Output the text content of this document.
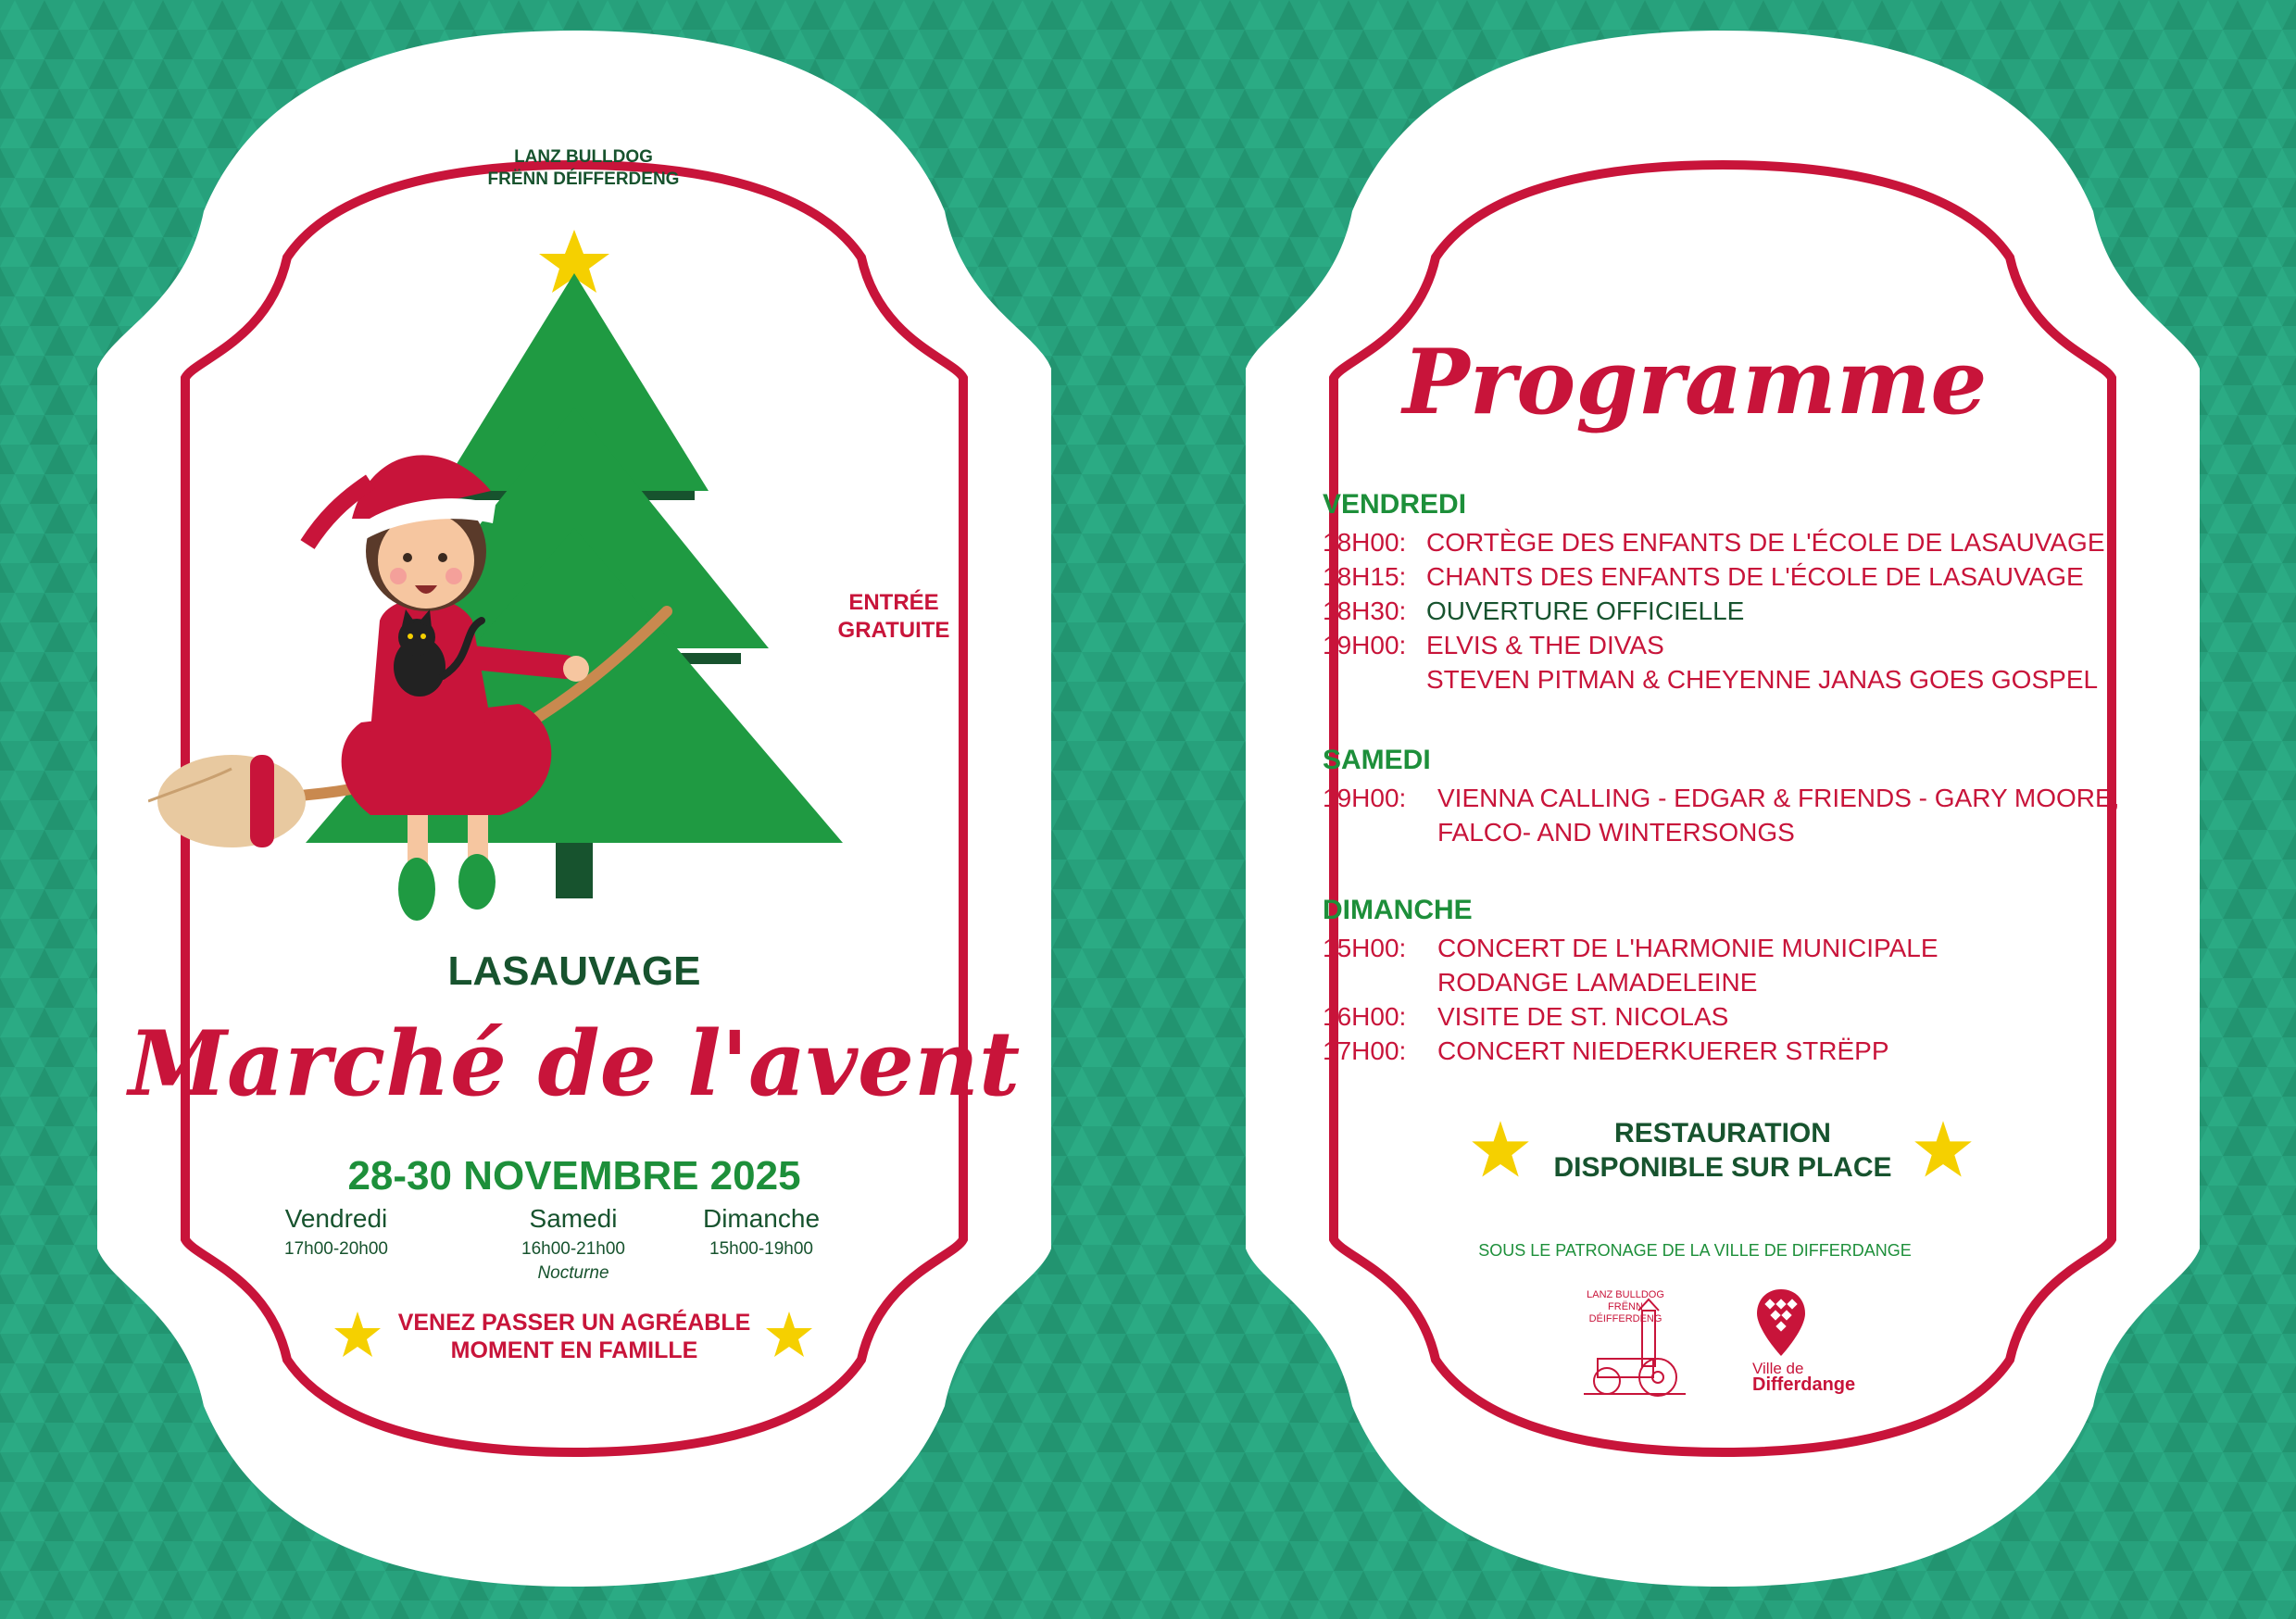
LANZ BULLDOG
FRËNN DÉIFFERDENG
ENTRÉE
GRATUITE
LASAUVAGE
Marché de l'avent
28-30 NOVEMBRE 2025
Vendredi	Samedi	Dimanche
17h00-20h00	16h00-21h00	15h00-19h00
Nocturne
VENEZ PASSER UN AGRÉABLE
MOMENT EN FAMILLE
Programme
VENDREDI
18H00: CORTÈGE DES ENFANTS DE L'ÉCOLE DE LASAUVAGE
18H15: CHANTS DES ENFANTS DE L'ÉCOLE DE LASAUVAGE
18H30: OUVERTURE OFFICIELLE
19H00: ELVIS & THE DIVAS
STEVEN PITMAN & CHEYENNE JANAS GOES GOSPEL
SAMEDI
19H00: VIENNA CALLING - EDGAR & FRIENDS - GARY MOORE,
FALCO- AND WINTERSONGS
DIMANCHE
15H00: CONCERT DE L'HARMONIE MUNICIPALE
RODANGE LAMADELEINE
16H00: VISITE DE ST. NICOLAS
17H00: CONCERT NIEDERKUERER STRËPP
RESTAURATION
DISPONIBLE SUR PLACE
SOUS LE PATRONAGE DE LA VILLE DE DIFFERDANGE
LANZ BULLDOG
FRËNN
DÉIFFERDENG
Ville de
Differdange
